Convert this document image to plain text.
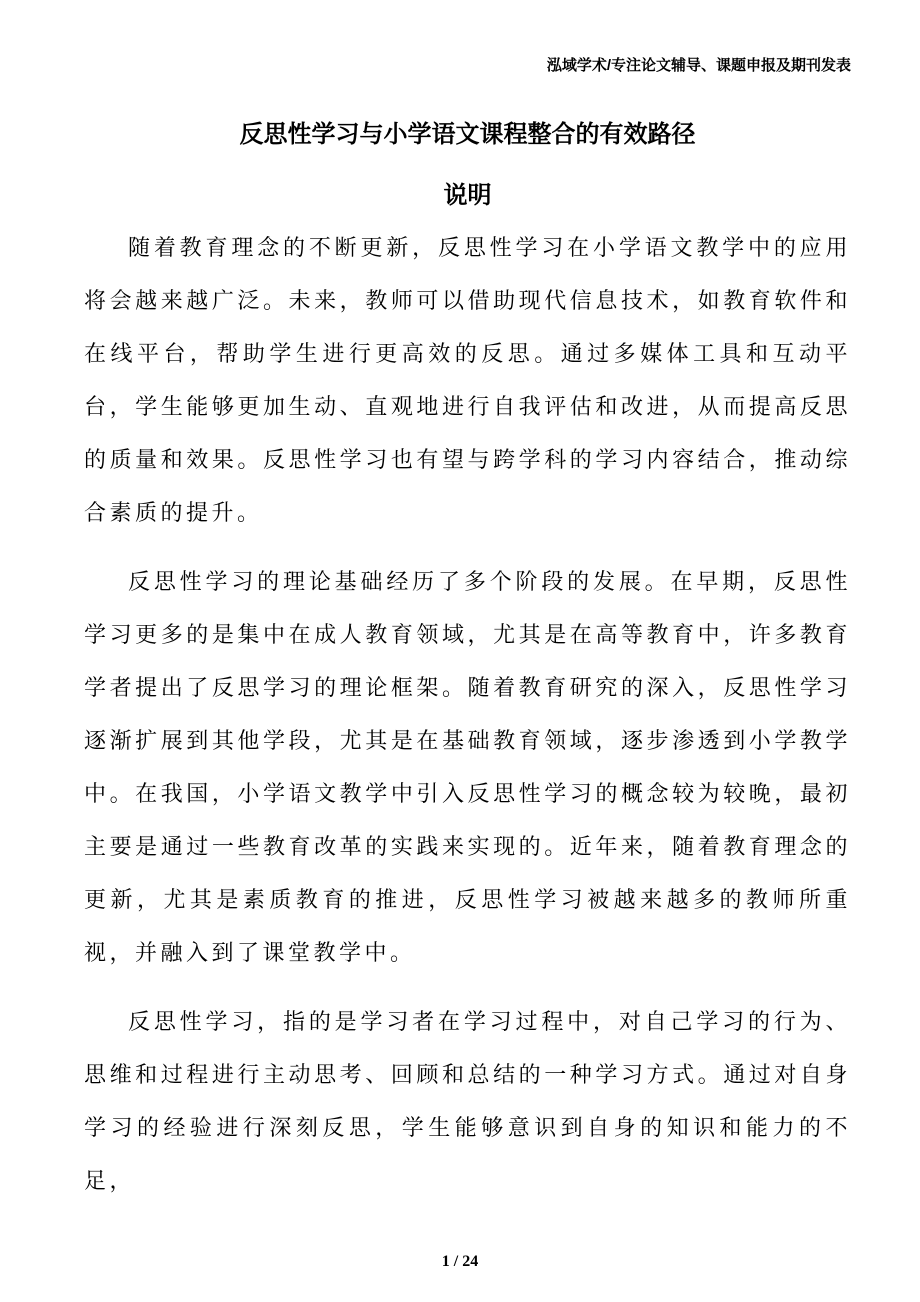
泓域学术/专注论文辅导、课题申报及期刊发表
反思性学习与小学语文课程整合的有效路径
说明

随着教育理念的不断更新，反思性学习在小学语文教学中的应用将会越来越广泛。未来，教师可以借助现代信息技术，如教育软件和在线平台，帮助学生进行更高效的反思。通过多媒体工具和互动平台，学生能够更加生动、直观地进行自我评估和改进，从而提高反思的质量和效果。反思性学习也有望与跨学科的学习内容结合，推动综合素质的提升。

反思性学习的理论基础经历了多个阶段的发展。在早期，反思性学习更多的是集中在成人教育领域，尤其是在高等教育中，许多教育学者提出了反思学习的理论框架。随着教育研究的深入，反思性学习逐渐扩展到其他学段，尤其是在基础教育领域，逐步渗透到小学教学中。在我国，小学语文教学中引入反思性学习的概念较为较晚，最初主要是通过一些教育改革的实践来实现的。近年来，随着教育理念的更新，尤其是素质教育的推进，反思性学习被越来越多的教师所重视，并融入到了课堂教学中。

反思性学习，指的是学习者在学习过程中，对自己学习的行为、思维和过程进行主动思考、回顾和总结的一种学习方式。通过对自身学习的经验进行深刻反思，学生能够意识到自身的知识和能力的不足，

1 / 24
